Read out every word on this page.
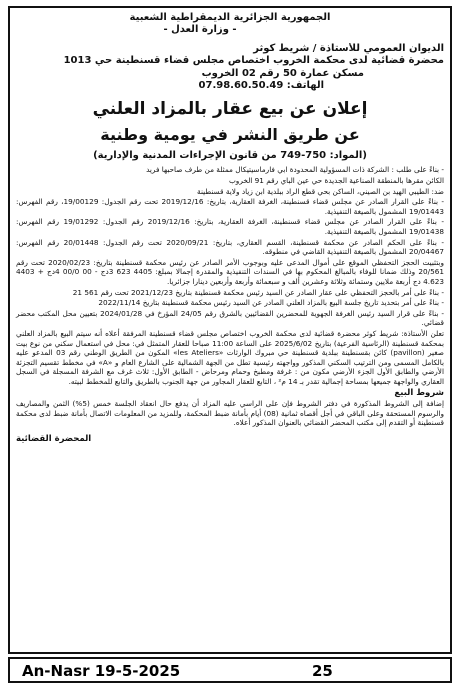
الجمهورية الجزائرية الديمقراطية الشعبية
- وزارة العدل -
الديوان العمومي للأستاذة / شريط كوثر
محضرة قضائية لدى محكمة الخروب اختصاص مجلس قضاء قسنطينة حي 1013
مسكن عمارة 50 رقم 02 الخروب
الهاتف: 07.98.60.50.49
إعلان عن بيع عقار بالمزاد العلني
عن طريق النشر في يومية وطنية
(المواد: 750-749 من قانون الإجراءات المدنية والإدارية)

- بناءً على طلب : الشركة ذات المسؤولية المحدودة ابي فارماسيتيكال ممثلة من طرف صاحبها فريد

الكائن مقرها بالمنطقة الصناعية الجديدة حي عين الباي رقم 91 الخروب

ضد: الطيبي الهيد بن الصيني، الساكن بحي قطع الراد ببلدية ابن زياد ولاية قسنطينة

- بناءً على القرار الصادر عن مجلس قضاء قسنطينة، الغرفة العقارية، بتاريخ: 2019/12/16 تحت رقم الجدول: 19/00129، رقم الفهرس: 19/01443 المشمول بالصيغة التنفيذية.

- بناءً على القرار الصادر عن مجلس قضاء قسنطينة، الغرفة العقارية، بتاريخ: 2019/12/16 رقم الجدول: 19/01292 رقم الفهرس: 19/01438 المشمول بالصيغة التنفيذية.

- بناءً على الحكم الصادر عن محكمة قسنطينة، القسم العقاري، بتاريخ: 2020/09/21 تحت رقم الجدول: 20/01448 رقم الفهرس: 20/04467 المشمول بالصيغة التنفيذية القاضي في منطوقه.

وبتثبيت الحجز التحفظي الموقع على أموال المدعى عليه وبوجوب الأمر الصادر عن رئيس محكمة قسنطينة بتاريخ: 2020/02/23 تحت رقم 20/561 وذلك ضمانا للوفاء بالمبالغ المحكوم بها في السندات التنفيذية والمقدرة إجمالا بمبلغ: 4405 623 3دج - 00 00/0 4دج + 4403 4.623 دج أربعة ملايين وستمائة وثلاثة وعشرين ألف و سبعمائة وأربعة وأربعين دينارا جزائريا.

- بناءً على أمر بالحجز التحفظي على عقار الصادر عن السيد رئيس محكمة قسنطينة بتاريخ 2021/12/23 تحت رقم 561 21

- بناءً على أمر بتحديد تاريخ جلسة البيع بالمزاد العلني الصادر عن السيد رئيس محكمة قسنطينة بتاريخ 2022/11/14

- بناءً على قرار السيد رئيس الغرفة الجهوية للمحضرين القضائيين بالشرق رقم 24/05 المؤرخ في 2024/01/28 بتعيين محل المكتب محضر قضائي.

تعلن الأستاذة: شريط كوثر محضرة قضائية لدى محكمة الخروب اختصاص مجلس قضاء قسنطينة المرفقة أعلاه أنه سيتم البيع بالمزاد العلني بمحكمة قسنطينة (الرئاسية الفرعية) بتاريخ 2025/6/02 على الساعة 11:00 صباحا للعقار المتمثل في: محل في استعمال سكني من نوع بيت صغير (pavillon) كائن بقسنطينة ببلدية قسنطينة حي مبروك الوارثات «les Ateliers» المكون من الطريق الوطني رقم 03 المدعو عليه بالكامل المسمى ومن الترتيب السكني المذكور وواجهته رئيسية تطل من الجهة الشمالية على الشارع العام و «A» في مخطط تقسيم التجزئة الأرضي والطابق الأول الجزء الأرضي مكون من : غرفة ومطبخ وحمام ومرحاض - الطابق الأول: ثلاث غرف مع الشرفة المسجلة في السجل العقاري والواجهة جميعها بمساحة إجمالية تقدر بـ 14 م² ، التابع للعقار المجاور من جهة الجنوب بالطريق والتابع للمخطط لبيته.

شروط البيع

إضافة إلى الشروط المذكورة في دفتر الشروط فإن على الراسي عليه المزاد أن يدفع حال انعقاد الجلسة خمس (5%) الثمن والمصاريف والرسوم المستحقة وعلى الباقي في أجل أقصاه ثمانية (08) أيام بأمانة ضبط المحكمة، وللمزيد من المعلومات الاتصال بأمانة ضبط لدى محكمة قسنطينة أو التقدم إلى مكتب المحضر القضائي بالعنوان المذكور أعلاه.

المحضرة القضائية
An-Nasr 19-5-2025	25
